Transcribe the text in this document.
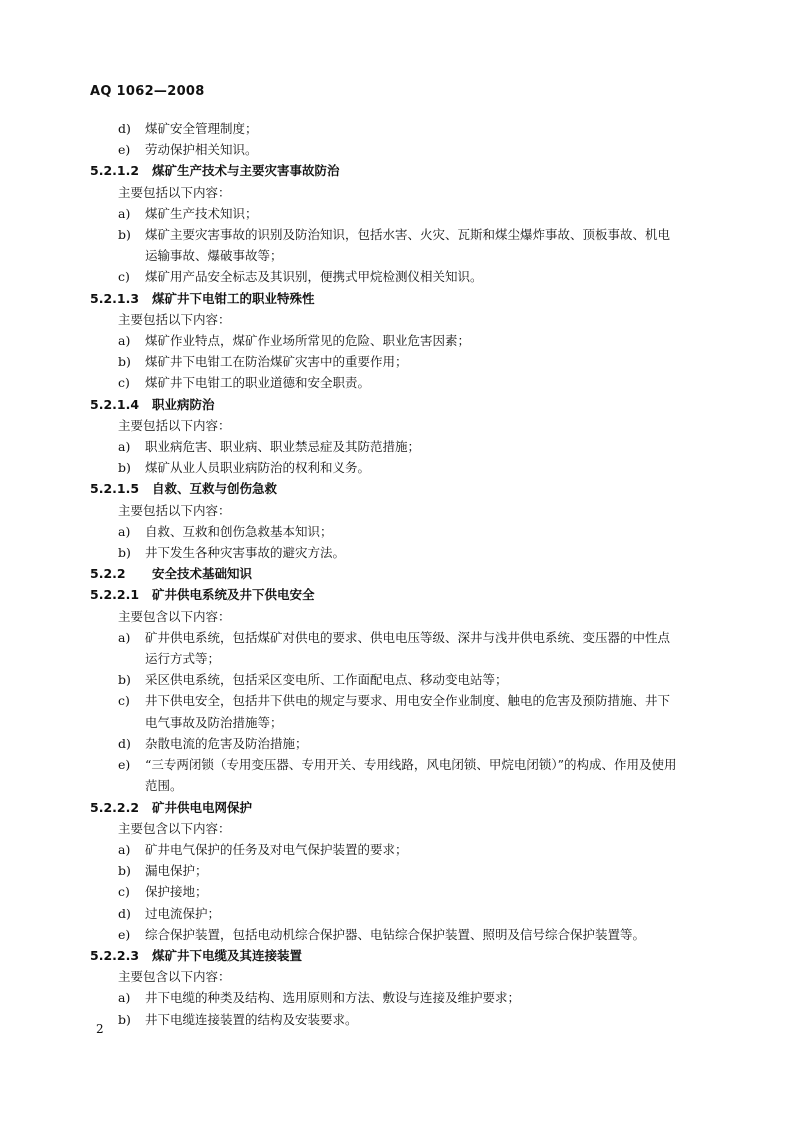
AQ 1062—2008
d) 煤矿安全管理制度；
e) 劳动保护相关知识。
5.2.1.2 煤矿生产技术与主要灾害事故防治
主要包括以下内容：
a) 煤矿生产技术知识；
b) 煤矿主要灾害事故的识别及防治知识，包括水害、火灾、瓦斯和煤尘爆炸事故、顶板事故、机电
运输事故、爆破事故等；
c) 煤矿用产品安全标志及其识别，便携式甲烷检测仪相关知识。
5.2.1.3 煤矿井下电钳工的职业特殊性
主要包括以下内容：
a) 煤矿作业特点，煤矿作业场所常见的危险、职业危害因素；
b) 煤矿井下电钳工在防治煤矿灾害中的重要作用；
c) 煤矿井下电钳工的职业道德和安全职责。
5.2.1.4 职业病防治
主要包括以下内容：
a) 职业病危害、职业病、职业禁忌症及其防范措施；
b) 煤矿从业人员职业病防治的权利和义务。
5.2.1.5 自救、互救与创伤急救
主要包括以下内容：
a) 自救、互救和创伤急救基本知识；
b) 井下发生各种灾害事故的避灾方法。
5.2.2 安全技术基础知识
5.2.2.1 矿井供电系统及井下供电安全
主要包含以下内容：
a) 矿井供电系统，包括煤矿对供电的要求、供电电压等级、深井与浅井供电系统、变压器的中性点
运行方式等；
b) 采区供电系统，包括采区变电所、工作面配电点、移动变电站等；
c) 井下供电安全，包括井下供电的规定与要求、用电安全作业制度、触电的危害及预防措施、井下
电气事故及防治措施等；
d) 杂散电流的危害及防治措施；
e) “三专两闭锁（专用变压器、专用开关、专用线路，风电闭锁、甲烷电闭锁）”的构成、作用及使用
范围。
5.2.2.2 矿井供电电网保护
主要包含以下内容：
a) 矿井电气保护的任务及对电气保护装置的要求；
b) 漏电保护；
c) 保护接地；
d) 过电流保护；
e) 综合保护装置，包括电动机综合保护器、电钻综合保护装置、照明及信号综合保护装置等。
5.2.2.3 煤矿井下电缆及其连接装置
主要包含以下内容：
a) 井下电缆的种类及结构、选用原则和方法、敷设与连接及维护要求；
b) 井下电缆连接装置的结构及安装要求。
2
